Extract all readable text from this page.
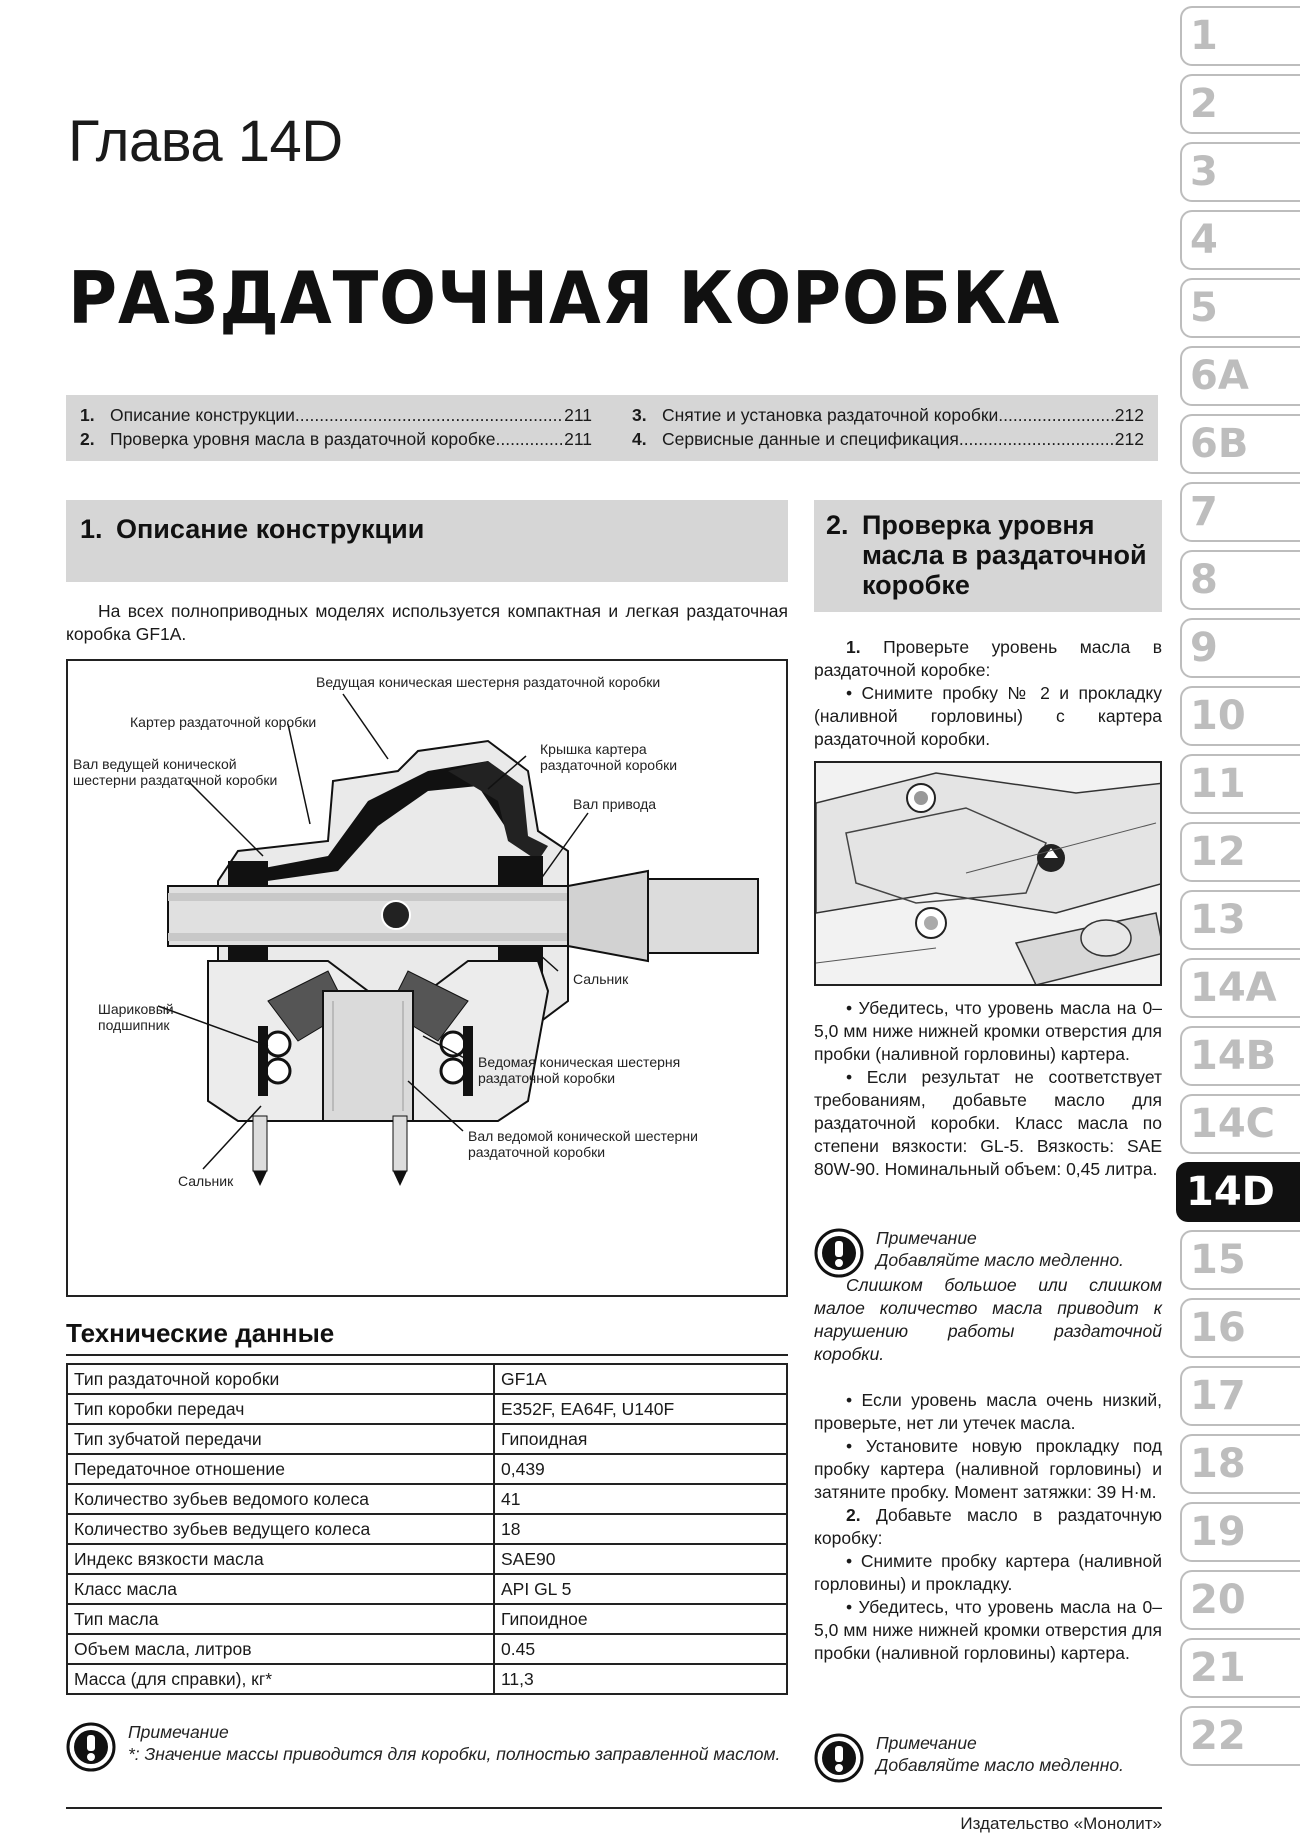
Глава 14D
РАЗДАТОЧНАЯ КОРОБКА
1. Описание конструкции .....	211 3. Снятие и установка раздаточной коробки .....	212
2. Проверка уровня масла в раздаточной коробке .....	211 4. Сервисные данные и спецификация .....	212
1. Описание конструкции

На всех полноприводных моделях используется компактная и легкая раздаточная коробка GF1A.

Ведущая коническая шестерня раздаточной коробки
Картер раздаточной коробки
Вал ведущей конической шестерни раздаточной коробки
Крышка картера раздаточной коробки
Вал привода
Сальник
Шариковый подшипник
Ведомая коническая шестерня раздаточной коробки
Вал ведомой конической шестерни раздаточной коробки
Сальник
Технические данные
Тип раздаточной коробки	GF1A
Тип коробки передач	E352F, EA64F, U140F
Тип зубчатой передачи	Гипоидная
Передаточное отношение	0,439
Количество зубьев ведомого колеса	41
Количество зубьев ведущего колеса	18
Индекс вязкости масла	SAE90
Класс масла	API GL 5
Тип масла	Гипоидное
Объем масла, литров	0.45
Масса (для справки), кг*	11,3
Примечание
*: Значение массы приводится для коробки, полностью заправленной маслом.
2. Проверка уровня масла в раздаточной коробке

1. Проверьте уровень масла в раздаточной коробке:

• Снимите пробку № 2 и прокладку (наливной горловины) с картера раздаточной коробки.

• Убедитесь, что уровень масла на 0–5,0 мм ниже нижней кромки отверстия для пробки (наливной горловины) картера.

• Если результат не соответствует требованиям, добавьте масло для раздаточной коробки. Класс масла по степени вязкости: GL-5. Вязкость: SAE 80W-90. Номинальный объем: 0,45 литра.

Примечание
Добавляйте масло медленно.

Слишком большое или слишком малое количество масла приводит к нарушению работы раздаточной коробки.

• Если уровень масла очень низкий, проверьте, нет ли утечек масла.

• Установите новую прокладку под пробку картера (наливной горловины) и затяните пробку. Момент затяжки: 39 Н·м.

2. Добавьте масло в раздаточную коробку:

• Снимите пробку картера (наливной горловины) и прокладку.

• Убедитесь, что уровень масла на 0–5,0 мм ниже нижней кромки отверстия для пробки (наливной горловины) картера.

Примечание
Добавляйте масло медленно.
Издательство «Монолит»
1
2
3
4
5
6A
6B
7
8
9
10
11
12
13
14A
14B
14C
14D
15
16
17
18
19
20
21
22
